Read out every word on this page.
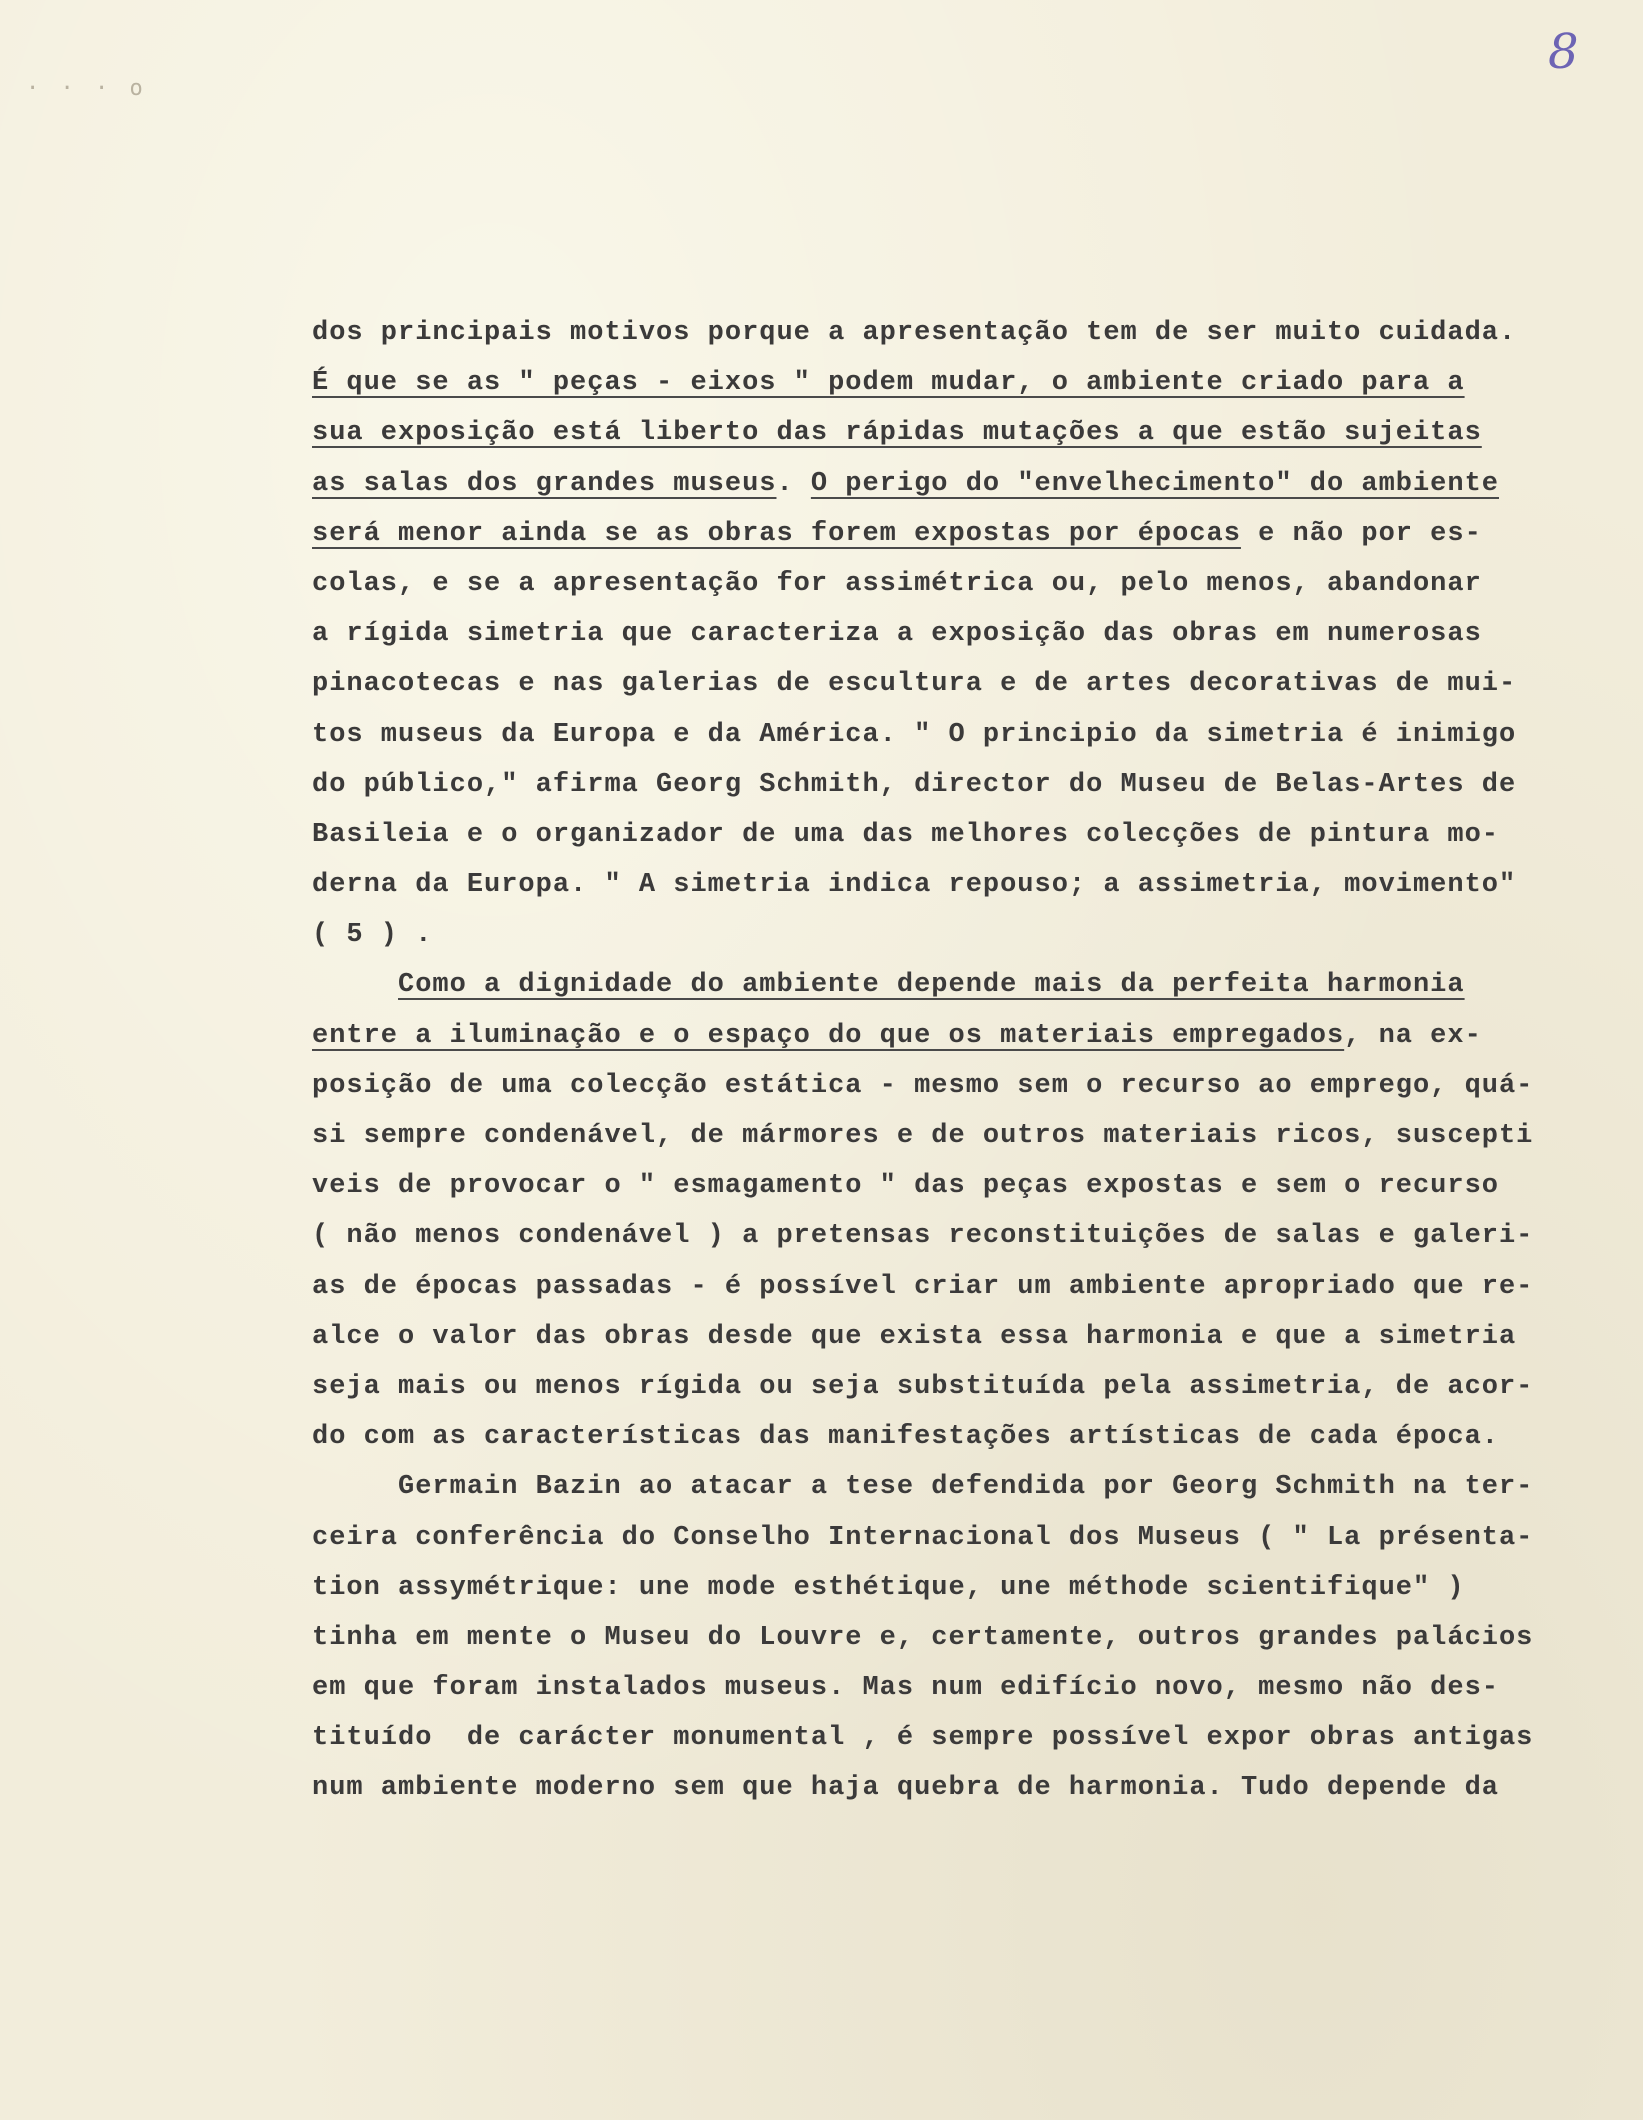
8
· · · o
dos principais motivos porque a apresentação tem de ser muito cuidada.
É que se as " peças - eixos " podem mudar, o ambiente criado para a
sua exposição está liberto das rápidas mutações a que estão sujeitas
as salas dos grandes museus. O perigo do "envelhecimento" do ambiente
será menor ainda se as obras forem expostas por épocas e não por es-
colas, e se a apresentação for assimétrica ou, pelo menos, abandonar
a rígida simetria que caracteriza a exposição das obras em numerosas
pinacotecas e nas galerias de escultura e de artes decorativas de mui-
tos museus da Europa e da América. " O principio da simetria é inimigo
do público," afirma Georg Schmith, director do Museu de Belas-Artes de
Basileia e o organizador de uma das melhores colecções de pintura mo-
derna da Europa. " A simetria indica repouso; a assimetria, movimento"
( 5 ) .
Como a dignidade do ambiente depende mais da perfeita harmonia
entre a iluminação e o espaço do que os materiais empregados, na ex-
posição de uma colecção estática - mesmo sem o recurso ao emprego, quá-
si sempre condenável, de mármores e de outros materiais ricos, suscepti
veis de provocar o " esmagamento " das peças expostas e sem o recurso
( não menos condenável ) a pretensas reconstituições de salas e galeri-
as de épocas passadas - é possível criar um ambiente apropriado que re-
alce o valor das obras desde que exista essa harmonia e que a simetria
seja mais ou menos rígida ou seja substituída pela assimetria, de acor-
do com as características das manifestações artísticas de cada época.
Germain Bazin ao atacar a tese defendida por Georg Schmith na ter-
ceira conferência do Conselho Internacional dos Museus ( " La présenta-
tion assymétrique: une mode esthétique, une méthode scientifique" )
tinha em mente o Museu do Louvre e, certamente, outros grandes palácios
em que foram instalados museus. Mas num edifício novo, mesmo não des-
tituído  de carácter monumental , é sempre possível expor obras antigas
num ambiente moderno sem que haja quebra de harmonia. Tudo depende da
